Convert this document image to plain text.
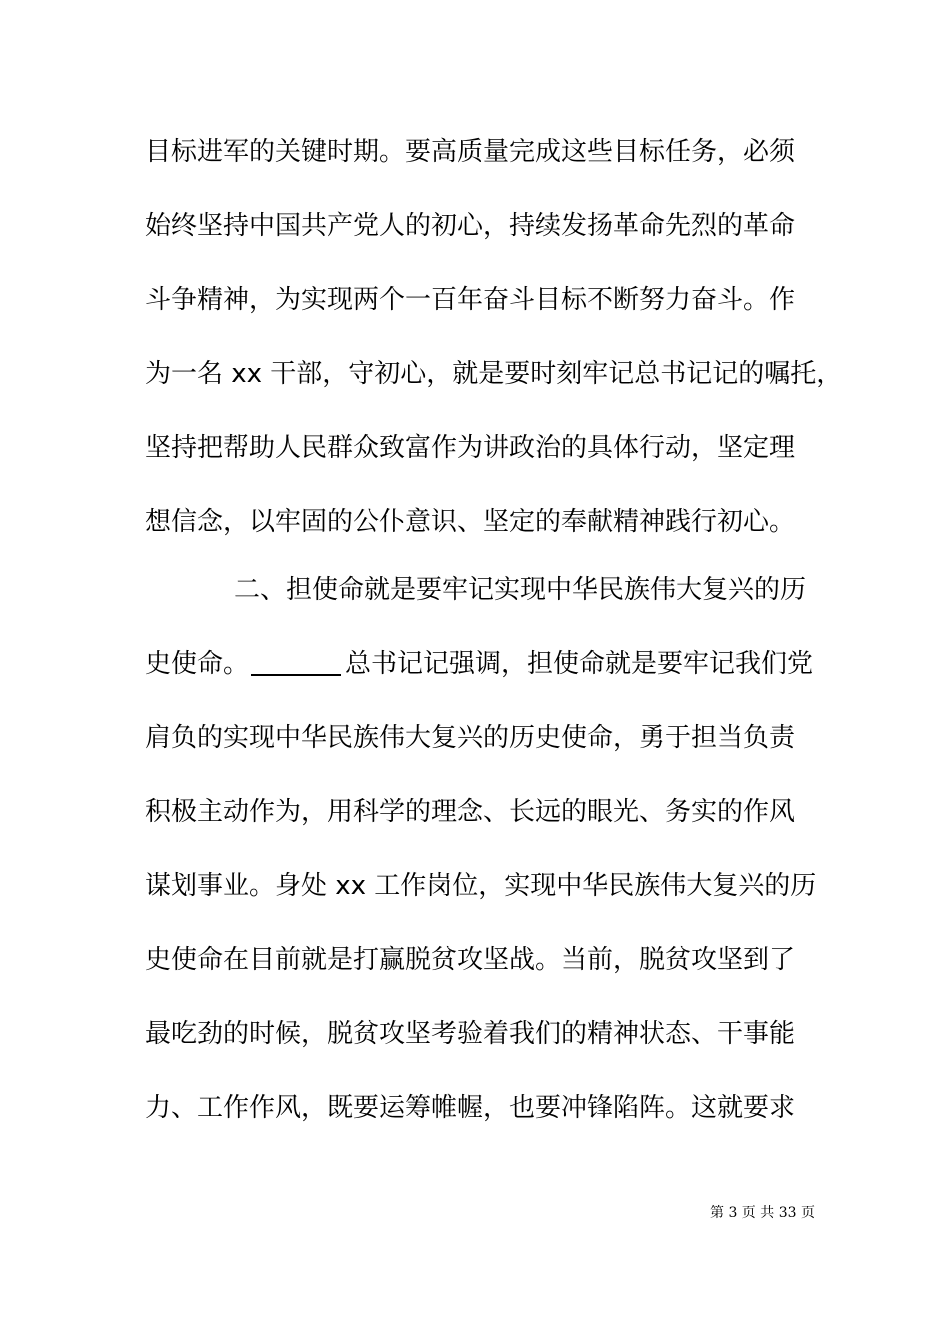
目标进军的关键时期。要高质量完成这些目标任务，必须
始终坚持中国共产党人的初心，持续发扬革命先烈的革命
斗争精神，为实现两个一百年奋斗目标不断努力奋斗。作
为一名 xx 干部，守初心，就是要时刻牢记总书记记的嘱托，
坚持把帮助人民群众致富作为讲政治的具体行动，坚定理
想信念，以牢固的公仆意识、坚定的奉献精神践行初心。
二、担使命就是要牢记实现中华民族伟大复兴的历
史使命。	总书记记强调，担使命就是要牢记我们党
肩负的实现中华民族伟大复兴的历史使命，勇于担当负责
积极主动作为，用科学的理念、长远的眼光、务实的作风
谋划事业。身处 xx 工作岗位，实现中华民族伟大复兴的历
史使命在目前就是打赢脱贫攻坚战。当前，脱贫攻坚到了
最吃劲的时候，脱贫攻坚考验着我们的精神状态、干事能
力、工作作风，既要运筹帷幄，也要冲锋陷阵。这就要求
第 3 页 共 33 页
